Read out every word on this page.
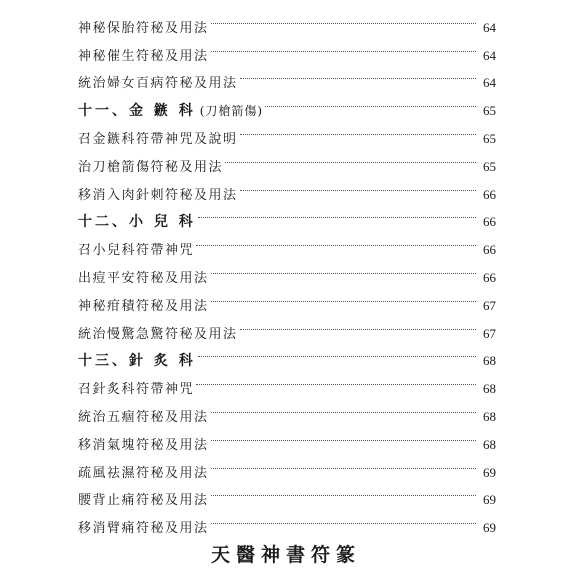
神秘保胎符秘及用法	64
神秘催生符秘及用法	64
統治婦女百病符秘及用法	64
十一、金 鏃 科 (刀槍箭傷)	65
召金鏃科符帶神咒及說明	65
治刀槍箭傷符秘及用法	65
移消入肉針刺符秘及用法	66
十二、小 兒 科	66
召小兒科符帶神咒	66
出痘平安符秘及用法	66
神秘疳積符秘及用法	67
統治慢驚急驚符秘及用法	67
十三、針 炙 科	68
召針炙科符帶神咒	68
統治五痼符秘及用法	68
移消氣塊符秘及用法	68
疏風祛濕符秘及用法	69
腰背止痛符秘及用法	69
移消臂痛符秘及用法	69
天醫神書符篆
